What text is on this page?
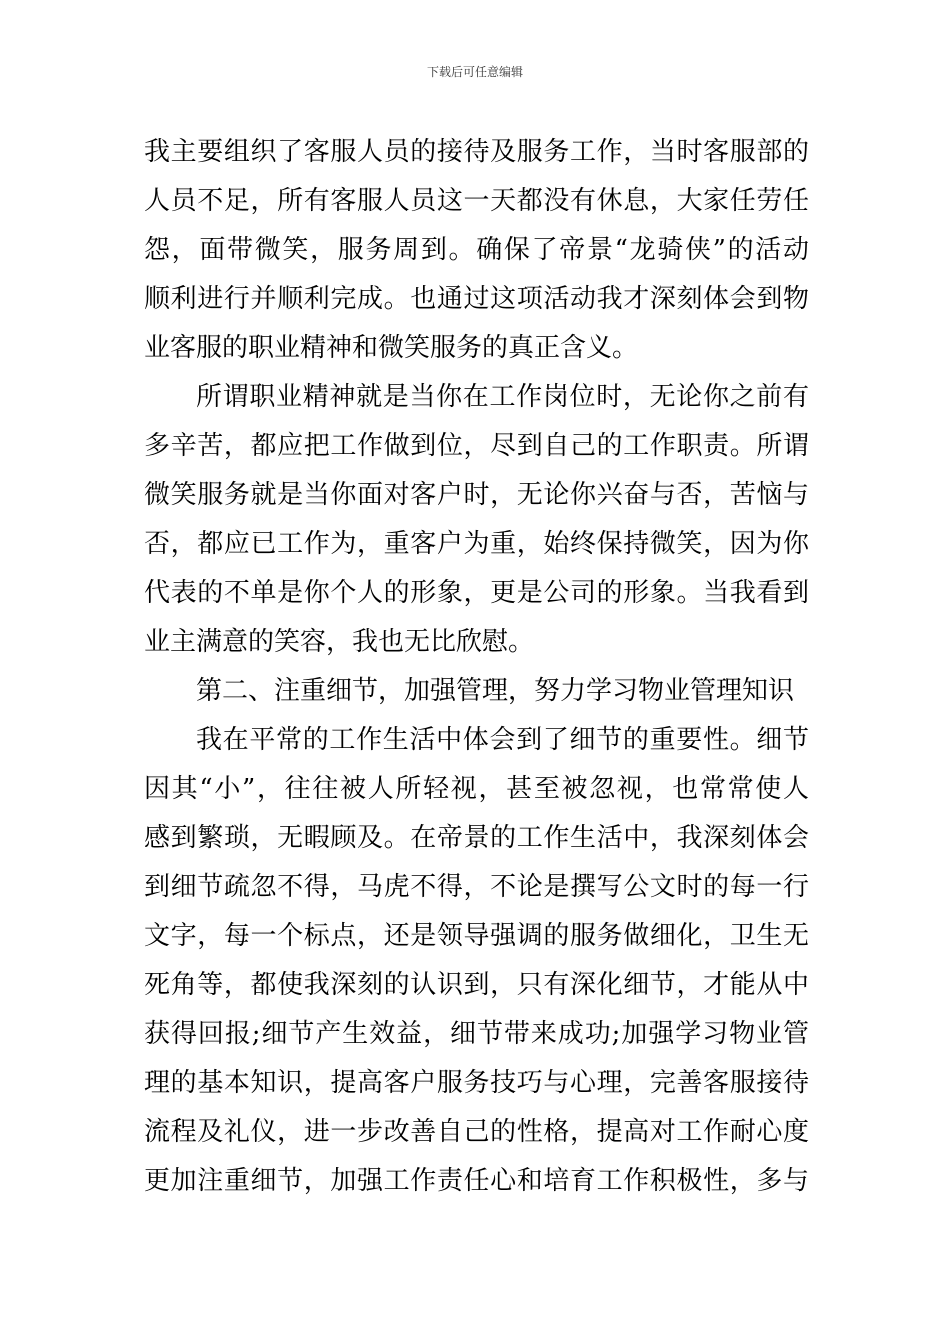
下载后可任意编辑
我主要组织了客服人员的接待及服务工作，当时客服部的
人员不足，所有客服人员这一天都没有休息，大家任劳任
怨，面带微笑，服务周到。确保了帝景“龙骑侠”的活动
顺利进行并顺利完成。也通过这项活动我才深刻体会到物
业客服的职业精神和微笑服务的真正含义。
所谓职业精神就是当你在工作岗位时，无论你之前有
多辛苦，都应把工作做到位，尽到自己的工作职责。所谓
微笑服务就是当你面对客户时，无论你兴奋与否，苦恼与
否，都应已工作为，重客户为重，始终保持微笑，因为你
代表的不单是你个人的形象，更是公司的形象。当我看到
业主满意的笑容，我也无比欣慰。
第二、注重细节，加强管理，努力学习物业管理知识
我在平常的工作生活中体会到了细节的重要性。细节
因其“小”，往往被人所轻视，甚至被忽视，也常常使人
感到繁琐，无暇顾及。在帝景的工作生活中，我深刻体会
到细节疏忽不得，马虎不得，不论是撰写公文时的每一行
文字，每一个标点，还是领导强调的服务做细化，卫生无
死角等，都使我深刻的认识到，只有深化细节，才能从中
获得回报;细节产生效益，细节带来成功;加强学习物业管
理的基本知识，提高客户服务技巧与心理，完善客服接待
流程及礼仪，进一步改善自己的性格，提高对工作耐心度
更加注重细节，加强工作责任心和培育工作积极性，多与
